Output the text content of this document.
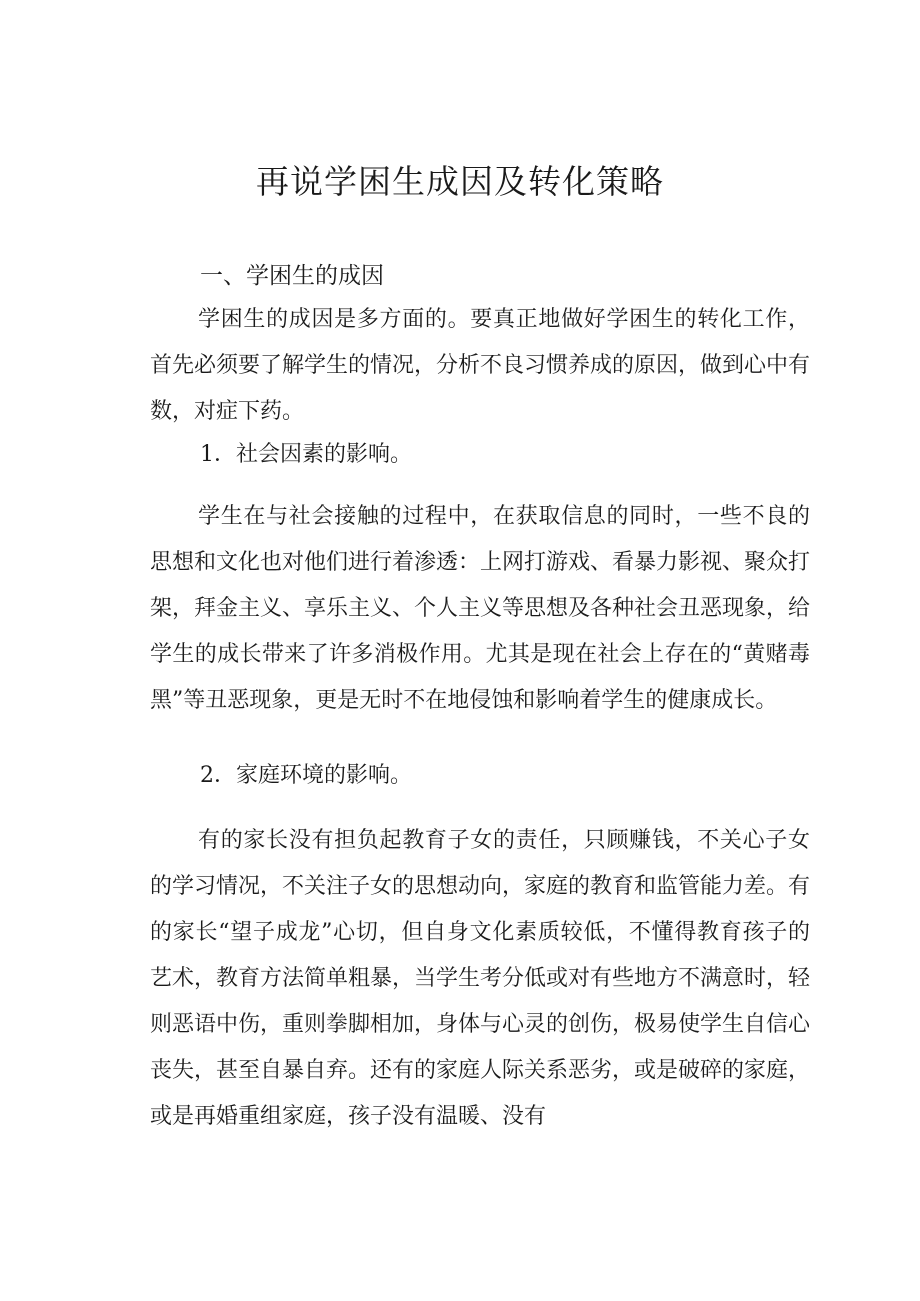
再说学困生成因及转化策略
一、学困生的成因

学困生的成因是多方面的。要真正地做好学困生的转化工作，首先必须要了解学生的情况，分析不良习惯养成的原因，做到心中有数，对症下药。

1．社会因素的影响。

学生在与社会接触的过程中，在获取信息的同时，一些不良的思想和文化也对他们进行着渗透：上网打游戏、看暴力影视、聚众打架，拜金主义、享乐主义、个人主义等思想及各种社会丑恶现象，给学生的成长带来了许多消极作用。尤其是现在社会上存在的“黄赌毒黑”等丑恶现象，更是无时不在地侵蚀和影响着学生的健康成长。

2．家庭环境的影响。

有的家长没有担负起教育子女的责任，只顾赚钱，不关心子女的学习情况，不关注子女的思想动向，家庭的教育和监管能力差。有的家长“望子成龙”心切，但自身文化素质较低，不懂得教育孩子的艺术，教育方法简单粗暴，当学生考分低或对有些地方不满意时，轻则恶语中伤，重则拳脚相加，身体与心灵的创伤，极易使学生自信心丧失，甚至自暴自弃。还有的家庭人际关系恶劣，或是破碎的家庭，或是再婚重组家庭，孩子没有温暖、没有
